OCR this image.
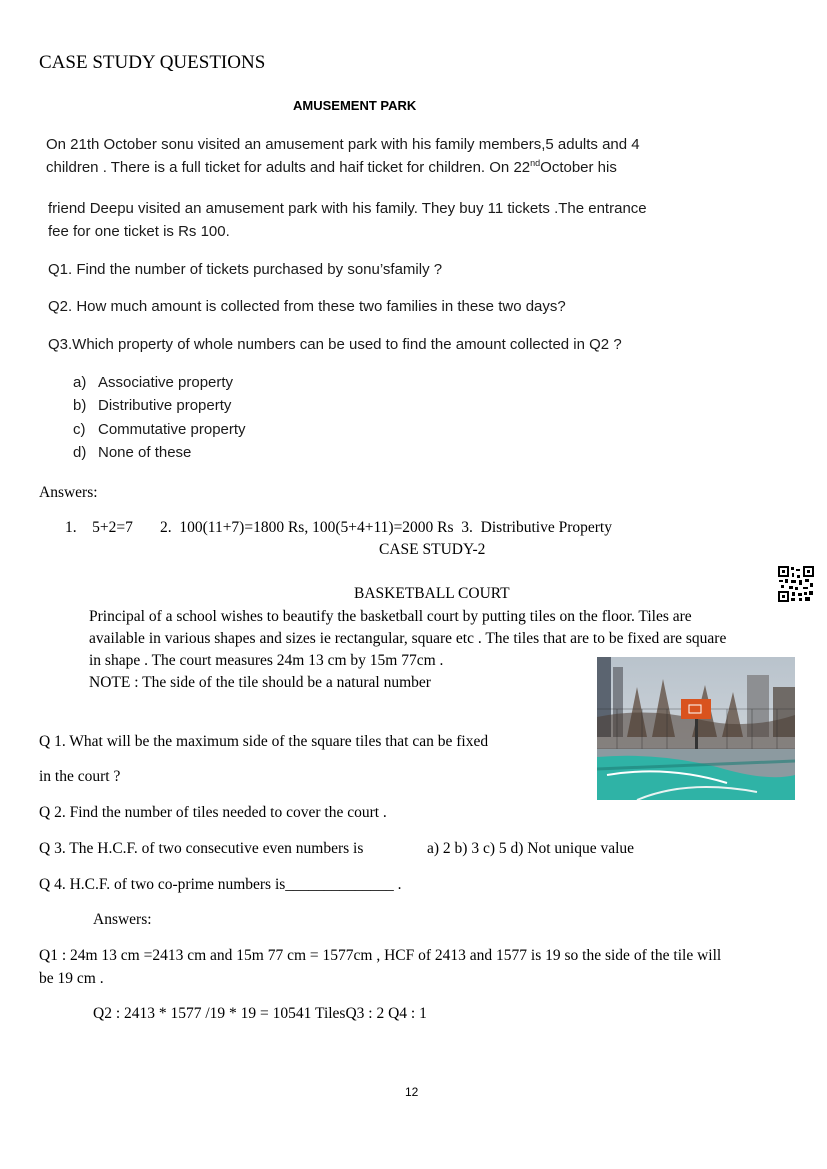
CASE STUDY QUESTIONS
AMUSEMENT PARK
On 21th October sonu visited an amusement park with his family members,5 adults and 4
children . There is a full ticket for adults and haif ticket for children. On 22ndOctober his
friend Deepu visited an amusement park with his family. They buy 11 tickets .The entrance
fee for one ticket is Rs 100.
Q1. Find the number of tickets purchased by sonu’sfamily ?
Q2. How much amount is collected from these two families in these two days?
Q3.Which property of whole numbers can be used to find the amount collected in Q2 ?
a) Associative property
b) Distributive property
c) Commutative property
d) None of these
Answers:
1.    5+2=7       2.  100(11+7)=1800 Rs, 100(5+4+11)=2000 Rs  3.  Distributive Property
CASE STUDY-2
BASKETBALL COURT
Principal of a school wishes to beautify the basketball court by putting tiles on the floor. Tiles are
available in various shapes and sizes ie rectangular, square etc . The tiles that are to be fixed are square
in shape . The court measures 24m 13 cm by 15m 77cm .
NOTE : The side of the tile should be a natural number
Q 1. What will be the maximum side of the square tiles that can be fixed
in the court ?
Q 2. Find the number of tiles needed to cover the court .
Q 3. The H.C.F. of two consecutive even numbers is	a) 2 b) 3 c) 5 d) Not unique value
Q 4. H.C.F. of two co-prime numbers is______________ .
Answers:
Q1 : 24m 13 cm =2413 cm and 15m 77 cm = 1577cm , HCF of 2413 and 1577 is 19 so the side of the tile will
be 19 cm .
Q2 : 2413 * 1577 /19 * 19 = 10541 TilesQ3 : 2 Q4 : 1
12
